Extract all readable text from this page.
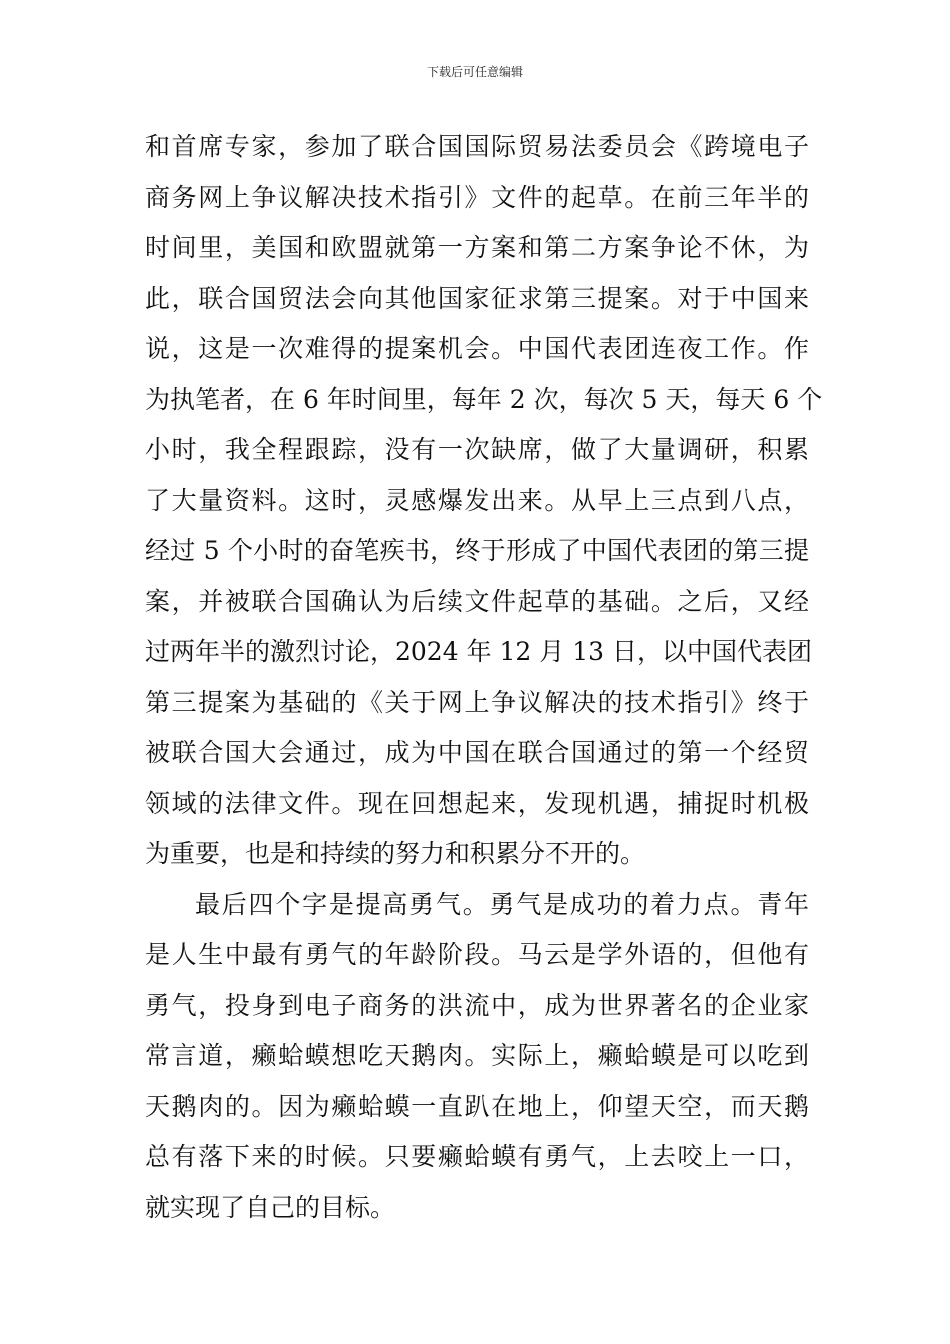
下载后可任意编辑
和首席专家，参加了联合国国际贸易法委员会《跨境电子
商务网上争议解决技术指引》文件的起草。在前三年半的
时间里，美国和欧盟就第一方案和第二方案争论不休，为
此，联合国贸法会向其他国家征求第三提案。对于中国来
说，这是一次难得的提案机会。中国代表团连夜工作。作
为执笔者，在 6 年时间里，每年 2 次，每次 5 天，每天 6 个
小时，我全程跟踪，没有一次缺席，做了大量调研，积累
了大量资料。这时，灵感爆发出来。从早上三点到八点，
经过 5 个小时的奋笔疾书，终于形成了中国代表团的第三提
案，并被联合国确认为后续文件起草的基础。之后，又经
过两年半的激烈讨论，2024 年 12 月 13 日，以中国代表团
第三提案为基础的《关于网上争议解决的技术指引》终于
被联合国大会通过，成为中国在联合国通过的第一个经贸
领域的法律文件。现在回想起来，发现机遇，捕捉时机极
为重要，也是和持续的努力和积累分不开的。
最后四个字是提高勇气。勇气是成功的着力点。青年
是人生中最有勇气的年龄阶段。马云是学外语的，但他有
勇气，投身到电子商务的洪流中，成为世界著名的企业家
常言道，癞蛤蟆想吃天鹅肉。实际上，癞蛤蟆是可以吃到
天鹅肉的。因为癞蛤蟆一直趴在地上，仰望天空，而天鹅
总有落下来的时候。只要癞蛤蟆有勇气，上去咬上一口，
就实现了自己的目标。
